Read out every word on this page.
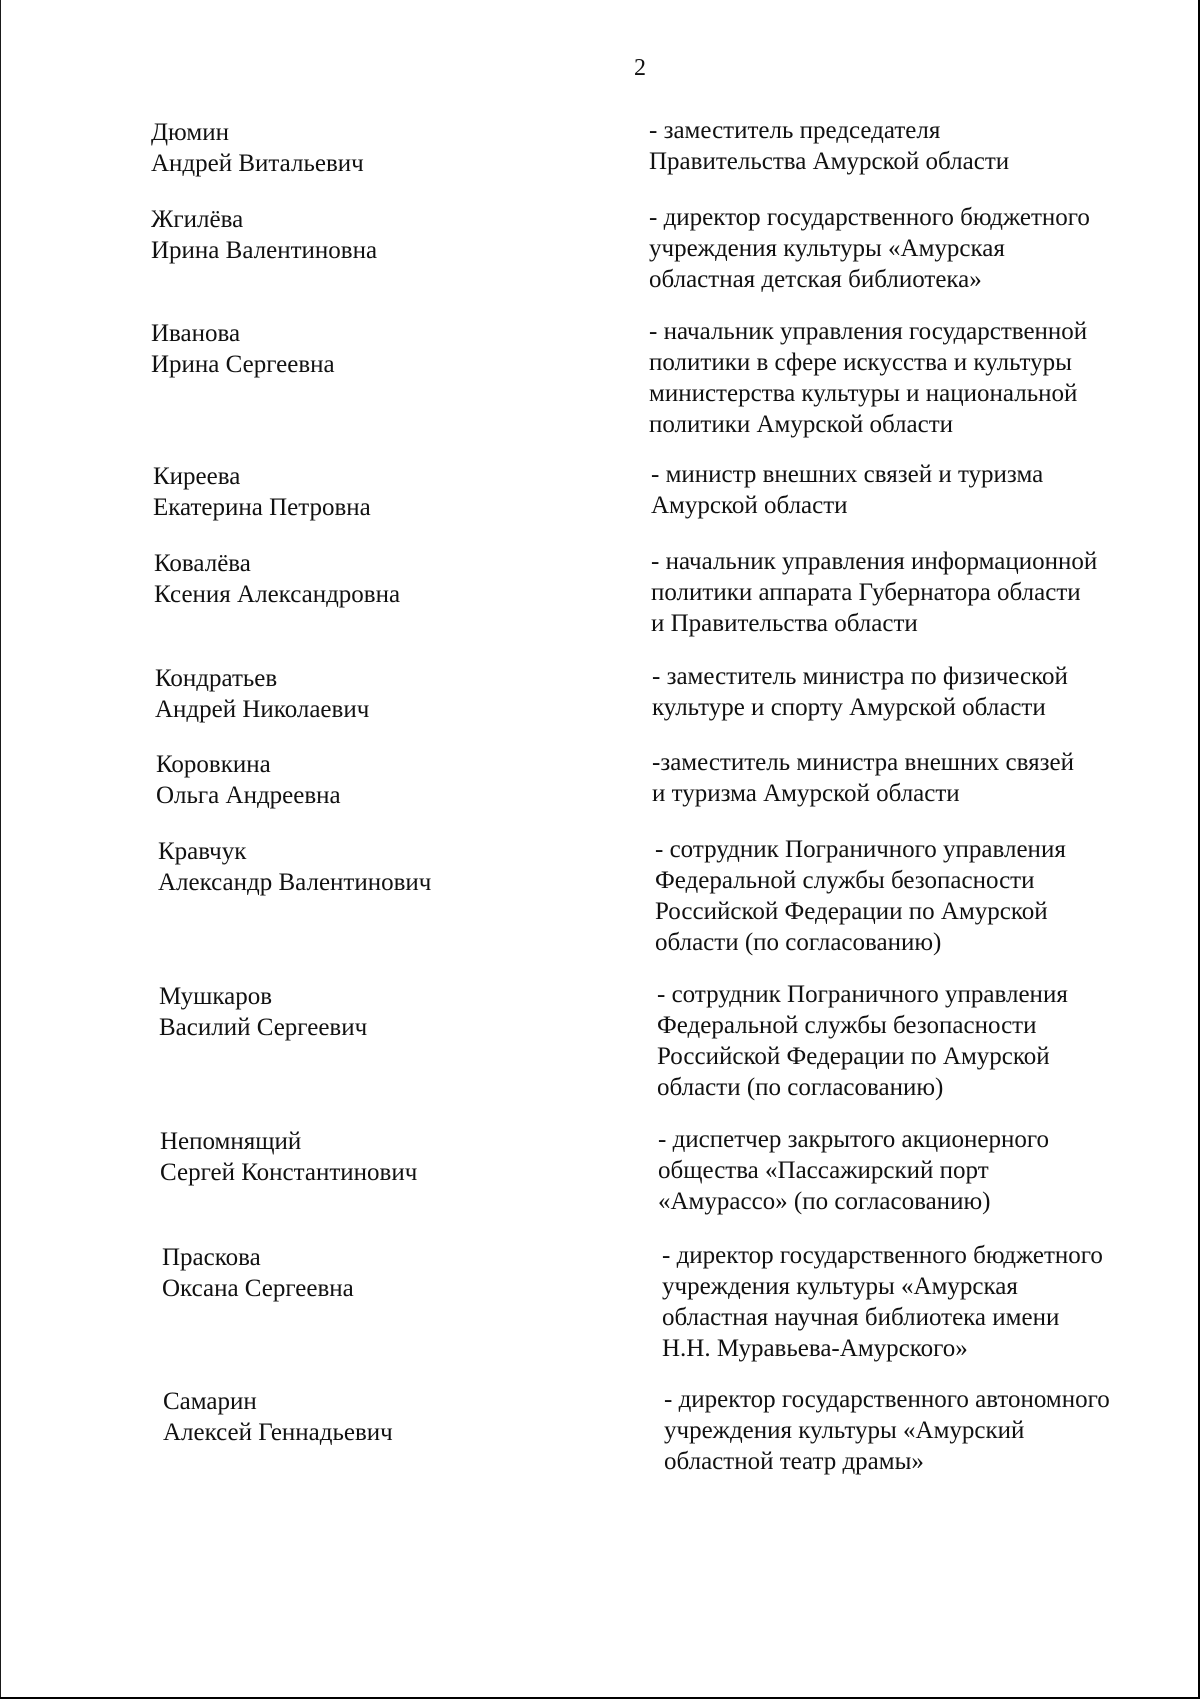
2
Дюмин
Андрей Витальевич
- заместитель председателя
Правительства Амурской области
Жгилёва
Ирина Валентиновна
- директор государственного бюджетного
учреждения культуры «Амурская
областная детская библиотека»
Иванова
Ирина Сергеевна
- начальник управления государственной
политики в сфере искусства и культуры
министерства культуры и национальной
политики Амурской области
Киреева
Екатерина Петровна
- министр внешних связей и туризма
Амурской области
Ковалёва
Ксения Александровна
- начальник управления информационной
политики аппарата Губернатора области
и Правительства области
Кондратьев
Андрей Николаевич
- заместитель министра по физической
культуре и спорту Амурской области
Коровкина
Ольга Андреевна
-заместитель министра внешних связей
и туризма Амурской области
Кравчук
Александр Валентинович
- сотрудник Пограничного управления
Федеральной службы безопасности
Российской Федерации по Амурской
области (по согласованию)
Мушкаров
Василий Сергеевич
- сотрудник Пограничного управления
Федеральной службы безопасности
Российской Федерации по Амурской
области (по согласованию)
Непомнящий
Сергей Константинович
- диспетчер закрытого акционерного
общества «Пассажирский порт
«Амурассо» (по согласованию)
Праскова
Оксана Сергеевна
- директор государственного бюджетного
учреждения культуры «Амурская
областная научная библиотека имени
Н.Н. Муравьева-Амурского»
Самарин
Алексей Геннадьевич
- директор государственного автономного
учреждения культуры «Амурский
областной театр драмы»
